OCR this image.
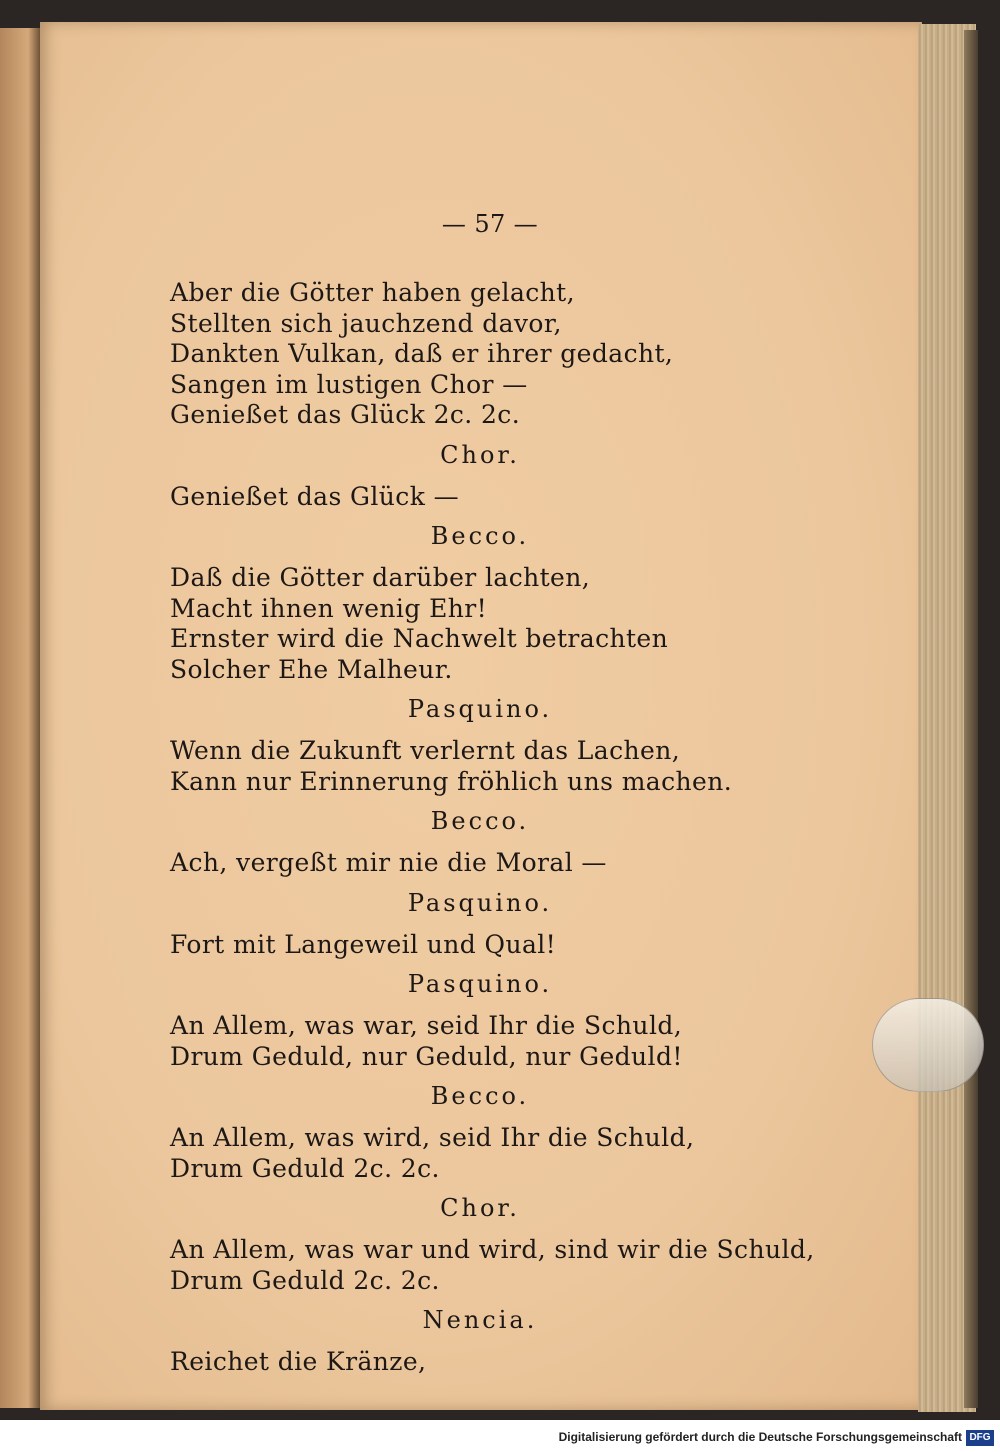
— 57 —
Aber die Götter haben gelacht,
Stellten sich jauchzend davor,
Dankten Vulkan, daß er ihrer gedacht,
Sangen im lustigen Chor —
Genießet das Glück 2c. 2c.
Chor.
Genießet das Glück —
Becco.
Daß die Götter darüber lachten,
Macht ihnen wenig Ehr!
Ernster wird die Nachwelt betrachten
Solcher Ehe Malheur.
Pasquino.
Wenn die Zukunft verlernt das Lachen,
Kann nur Erinnerung fröhlich uns machen.
Becco.
Ach, vergeßt mir nie die Moral —
Pasquino.
Fort mit Langeweil und Qual!
Pasquino.
An Allem, was war, seid Ihr die Schuld,
Drum Geduld, nur Geduld, nur Geduld!
Becco.
An Allem, was wird, seid Ihr die Schuld,
Drum Geduld 2c. 2c.
Chor.
An Allem, was war und wird, sind wir die Schuld,
Drum Geduld 2c. 2c.
Nencia.
Reichet die Kränze,
Digitalisierung gefördert durch die Deutsche Forschungsgemeinschaft DFG
